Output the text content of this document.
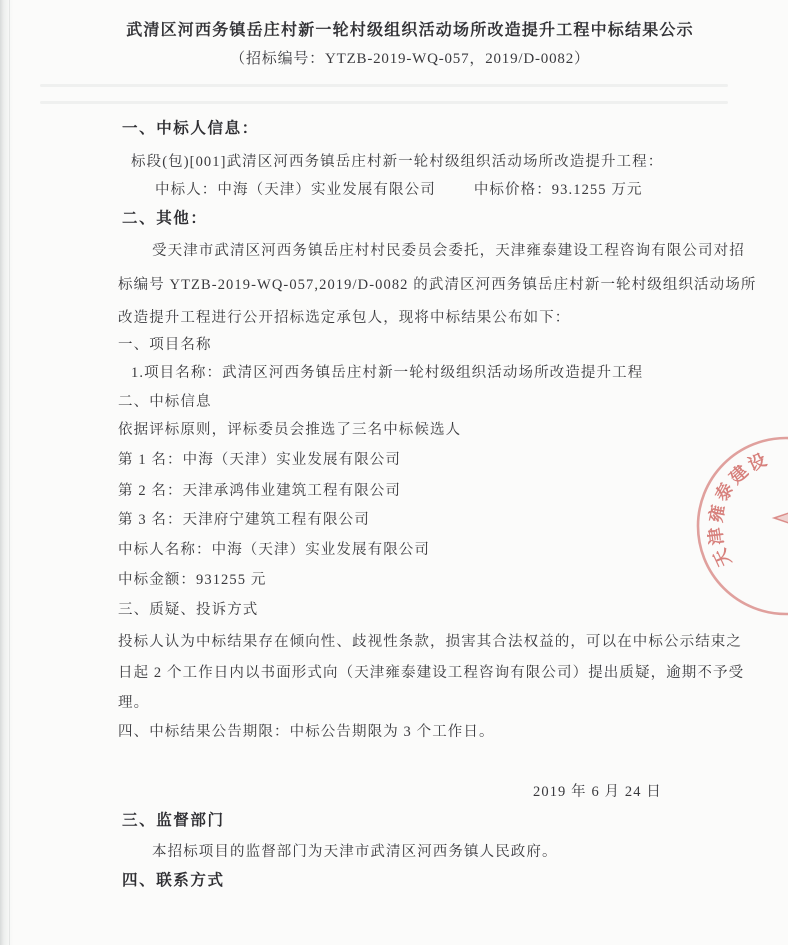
武清区河西务镇岳庄村新一轮村级组织活动场所改造提升工程中标结果公示
（招标编号：YTZB-2019-WQ-057，2019/D-0082）
一、中标人信息：
标段(包)[001]武清区河西务镇岳庄村新一轮村级组织活动场所改造提升工程：
中标人：中海（天津）实业发展有限公司	中标价格：93.1255 万元
二、其他：
受天津市武清区河西务镇岳庄村村民委员会委托，天津雍泰建设工程咨询有限公司对招
标编号 YTZB-2019-WQ-057,2019/D-0082 的武清区河西务镇岳庄村新一轮村级组织活动场所
改造提升工程进行公开招标选定承包人，现将中标结果公布如下：
一、项目名称
1.项目名称：武清区河西务镇岳庄村新一轮村级组织活动场所改造提升工程
二、中标信息
依据评标原则，评标委员会推选了三名中标候选人
第 1 名：中海（天津）实业发展有限公司
第 2 名：天津承鸿伟业建筑工程有限公司
第 3 名：天津府宁建筑工程有限公司
中标人名称：中海（天津）实业发展有限公司
中标金额：931255 元
三、质疑、投诉方式
投标人认为中标结果存在倾向性、歧视性条款，损害其合法权益的，可以在中标公示结束之
日起 2 个工作日内以书面形式向（天津雍泰建设工程咨询有限公司）提出质疑，逾期不予受
理。
四、中标结果公告期限：中标公告期限为 3 个工作日。
2019 年 6 月 24 日
三、监督部门
本招标项目的监督部门为天津市武清区河西务镇人民政府。
四、联系方式
天
津
雍
泰
建
设
